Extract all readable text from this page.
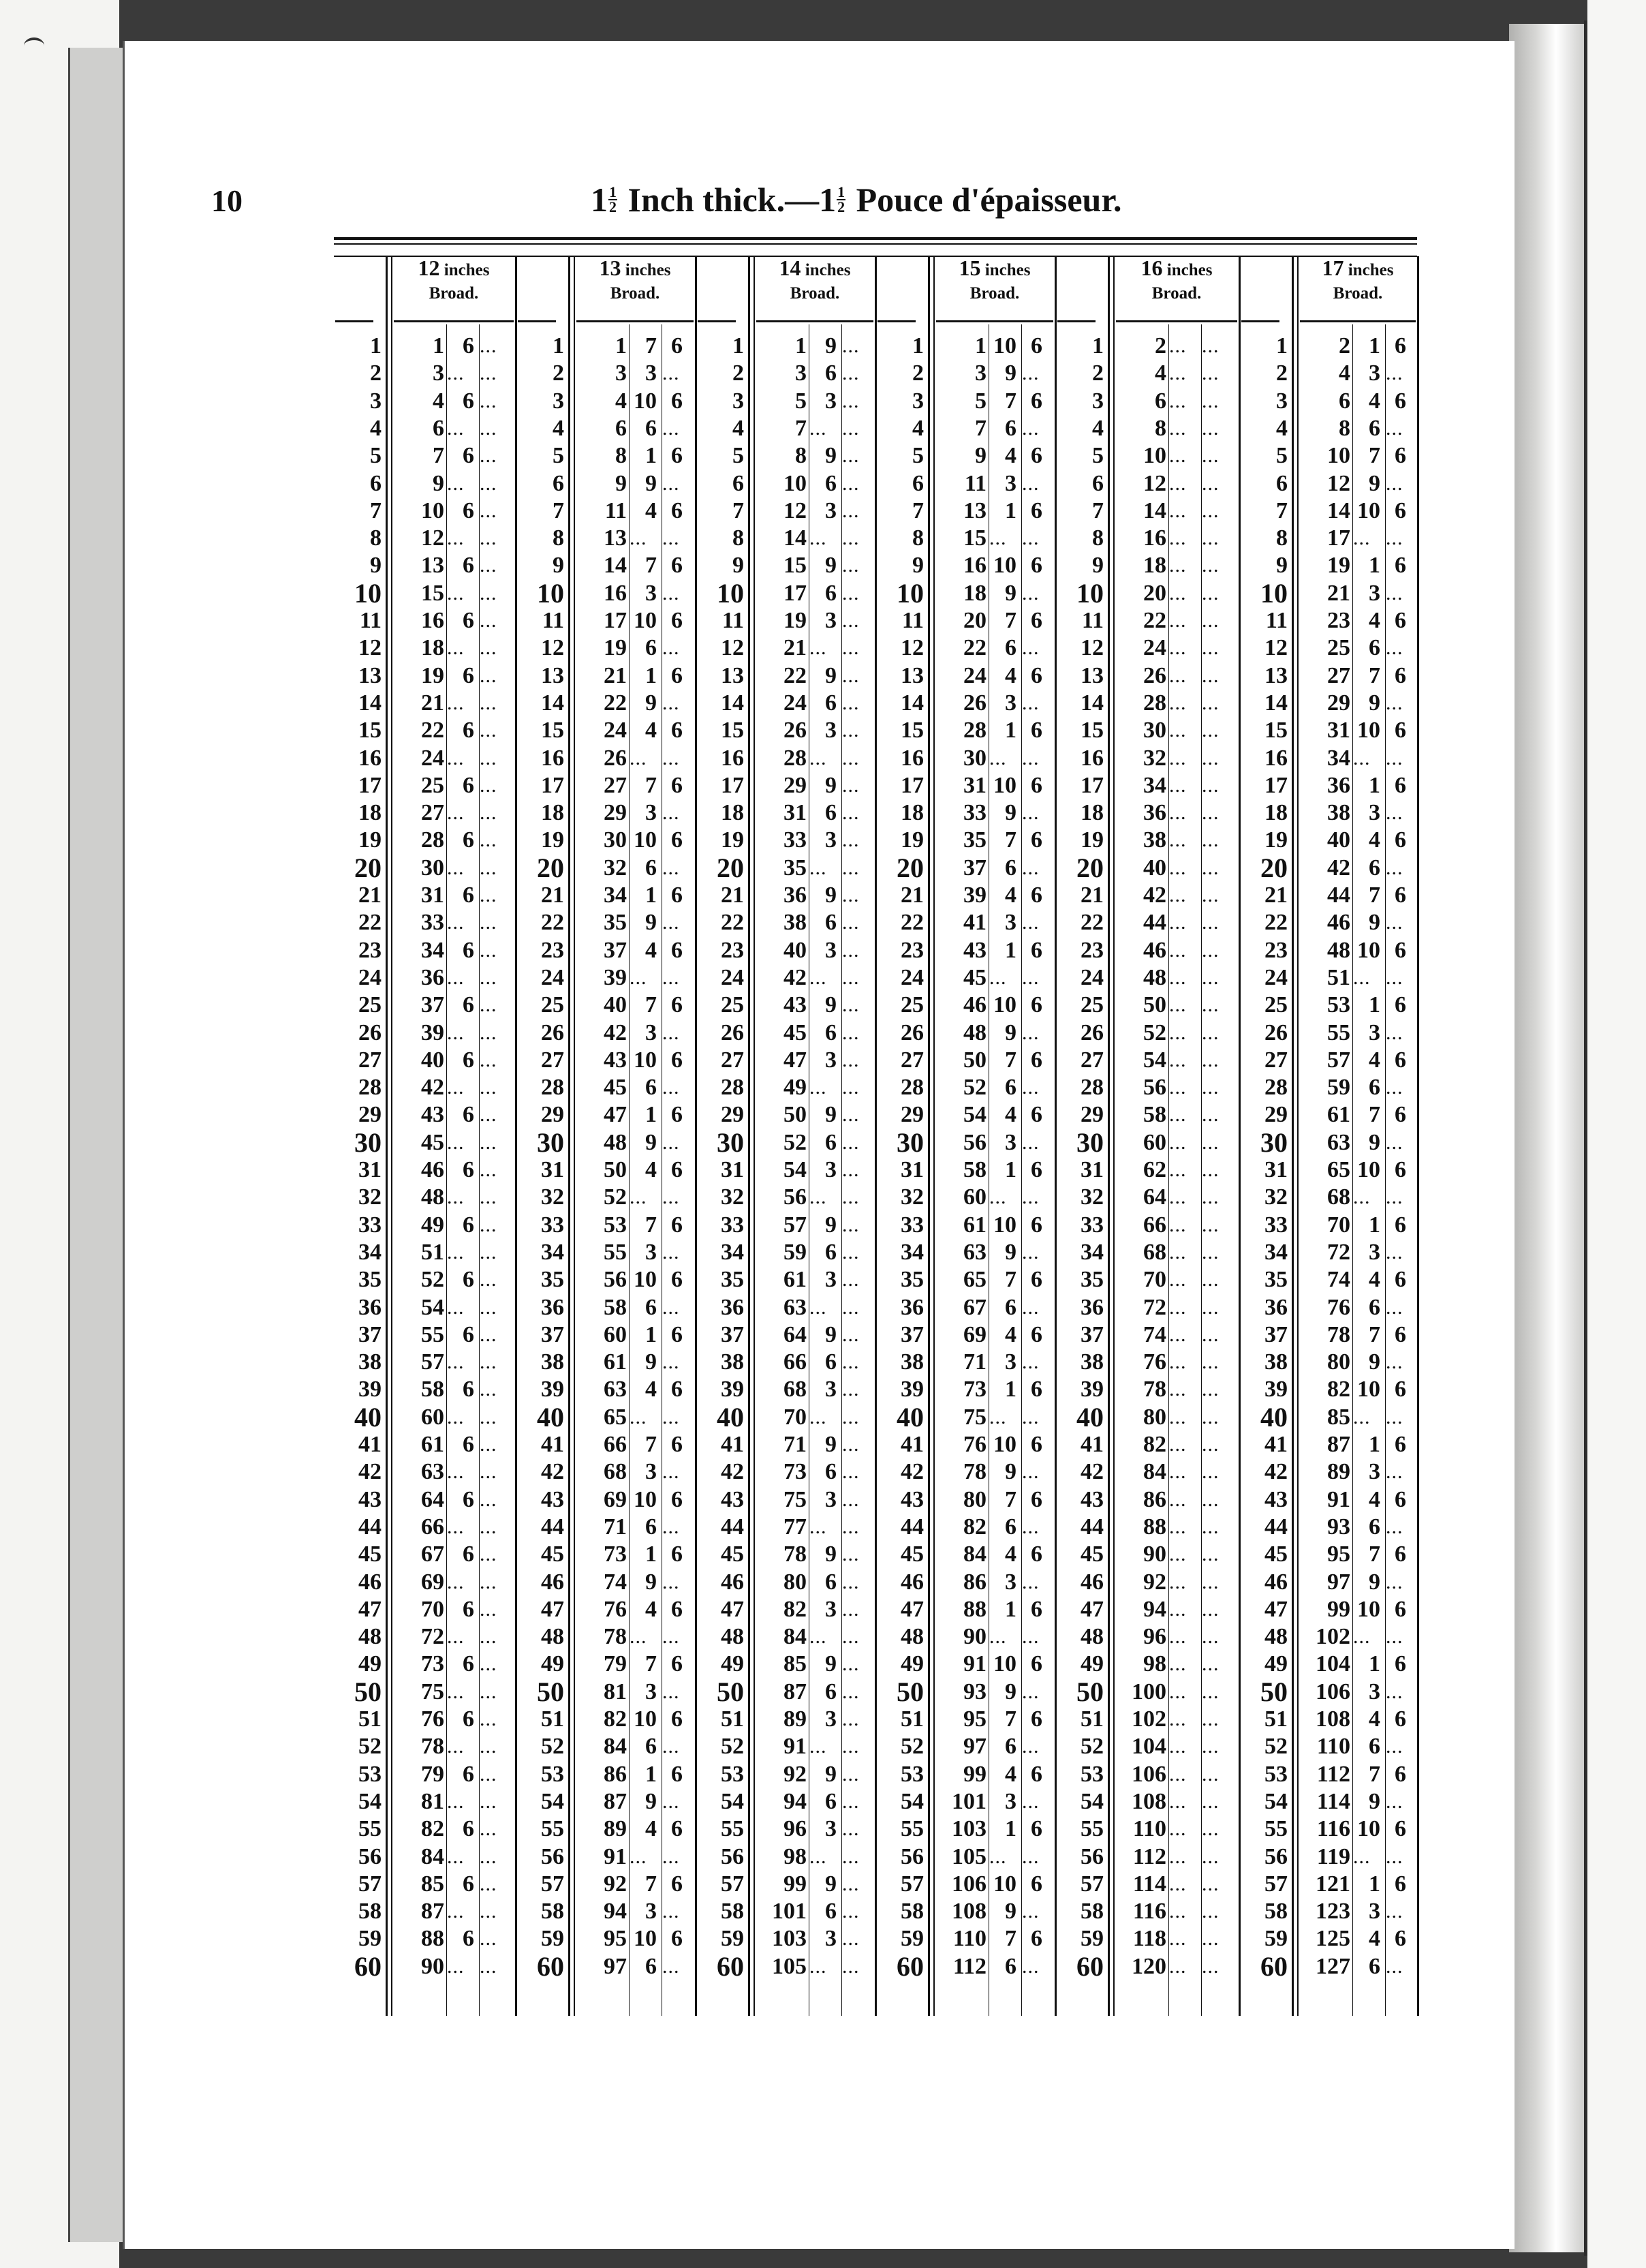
10	$1 \frac{1}{2}$ Inch thick.—1 $\frac{1}{2}$ Pouce d'épaisseur.
12 inches
Broad.
1	1 6 ...
2	3 ... ...
3	4 6 ...
4	6 ... ...
5	7 6 ...
6	9 ... ...
7	10 6 ...
8	12 ... ...
9	13 6 ...
10	15 ... ...
11	16 6 ...
12	18 ... ...
13	19 6 ...
14	21 ... ...
15	22 6 ...
16	24 ... ...
17	25 6 ...
18	27 ... ...
19	28 6 ...
20	30 ... ...
21	31 6 ...
22	33 ... ...
23	34 6 ...
24	36 ... ...
25	37 6 ...
26	39 ... ...
27	40 6 ...
28	42 ... ...
29	43 6 ...
30	45 ... ...
31	46 6 ...
32	48 ... ...
33	49 6 ...
34	51 ... ...
35	52 6 ...
36	54 ... ...
37	55 6 ...
38	57 ... ...
39	58 6 ...
40	60 ... ...
41	61 6 ...
42	63 ... ...
43	64 6 ...
44	66 ... ...
45	67 6 ...
46	69 ... ...
47	70 6 ...
48	72 ... ...
49	73 6 ...
50	75 ... ...
51	76 6 ...
52	78 ... ...
53	79 6 ...
54	81 ... ...
55	82 6 ...
56	84 ... ...
57	85 6 ...
58	87 ... ...
59	88 6 ...
60	90 ... ...
13 inches
Broad.
1	1 7 6
2	3 3 ...
3	4 10 6
4	6 6 ...
5	8 1 6
6	9 9 ...
7	11 4 6
8	13 ... ...
9	14 7 6
10	16 3 ...
11	17 10 6
12	19 6 ...
13	21 1 6
14	22 9 ...
15	24 4 6
16	26 ... ...
17	27 7 6
18	29 3 ...
19	30 10 6
20	32 6 ...
21	34 1 6
22	35 9 ...
23	37 4 6
24	39 ... ...
25	40 7 6
26	42 3 ...
27	43 10 6
28	45 6 ...
29	47 1 6
30	48 9 ...
31	50 4 6
32	52 ... ...
33	53 7 6
34	55 3 ...
35	56 10 6
36	58 6 ...
37	60 1 6
38	61 9 ...
39	63 4 6
40	65 ... ...
41	66 7 6
42	68 3 ...
43	69 10 6
44	71 6 ...
45	73 1 6
46	74 9 ...
47	76 4 6
48	78 ... ...
49	79 7 6
50	81 3 ...
51	82 10 6
52	84 6 ...
53	86 1 6
54	87 9 ...
55	89 4 6
56	91 ... ...
57	92 7 6
58	94 3 ...
59	95 10 6
60	97 6 ...
14 inches
Broad.
1	1 9 ...
2	3 6 ...
3	5 3 ...
4	7 ... ...
5	8 9 ...
6	10 6 ...
7	12 3 ...
8	14 ... ...
9	15 9 ...
10	17 6 ...
11	19 3 ...
12	21 ... ...
13	22 9 ...
14	24 6 ...
15	26 3 ...
16	28 ... ...
17	29 9 ...
18	31 6 ...
19	33 3 ...
20	35 ... ...
21	36 9 ...
22	38 6 ...
23	40 3 ...
24	42 ... ...
25	43 9 ...
26	45 6 ...
27	47 3 ...
28	49 ... ...
29	50 9 ...
30	52 6 ...
31	54 3 ...
32	56 ... ...
33	57 9 ...
34	59 6 ...
35	61 3 ...
36	63 ... ...
37	64 9 ...
38	66 6 ...
39	68 3 ...
40	70 ... ...
41	71 9 ...
42	73 6 ...
43	75 3 ...
44	77 ... ...
45	78 9 ...
46	80 6 ...
47	82 3 ...
48	84 ... ...
49	85 9 ...
50	87 6 ...
51	89 3 ...
52	91 ... ...
53	92 9 ...
54	94 6 ...
55	96 3 ...
56	98 ... ...
57	99 9 ...
58	101 6 ...
59	103 3 ...
60	105 ... ...
15 inches
Broad.
1	1 10 6
2	3 9 ...
3	5 7 6
4	7 6 ...
5	9 4 6
6	11 3 ...
7	13 1 6
8	15 ... ...
9	16 10 6
10	18 9 ...
11	20 7 6
12	22 6 ...
13	24 4 6
14	26 3 ...
15	28 1 6
16	30 ... ...
17	31 10 6
18	33 9 ...
19	35 7 6
20	37 6 ...
21	39 4 6
22	41 3 ...
23	43 1 6
24	45 ... ...
25	46 10 6
26	48 9 ...
27	50 7 6
28	52 6 ...
29	54 4 6
30	56 3 ...
31	58 1 6
32	60 ... ...
33	61 10 6
34	63 9 ...
35	65 7 6
36	67 6 ...
37	69 4 6
38	71 3 ...
39	73 1 6
40	75 ... ...
41	76 10 6
42	78 9 ...
43	80 7 6
44	82 6 ...
45	84 4 6
46	86 3 ...
47	88 1 6
48	90 ... ...
49	91 10 6
50	93 9 ...
51	95 7 6
52	97 6 ...
53	99 4 6
54	101 3 ...
55	103 1 6
56	105 ... ...
57	106 10 6
58	108 9 ...
59	110 7 6
60	112 6 ...
16 inches
Broad.
1	2 ... ...
2	4 ... ...
3	6 ... ...
4	8 ... ...
5	10 ... ...
6	12 ... ...
7	14 ... ...
8	16 ... ...
9	18 ... ...
10	20 ... ...
11	22 ... ...
12	24 ... ...
13	26 ... ...
14	28 ... ...
15	30 ... ...
16	32 ... ...
17	34 ... ...
18	36 ... ...
19	38 ... ...
20	40 ... ...
21	42 ... ...
22	44 ... ...
23	46 ... ...
24	48 ... ...
25	50 ... ...
26	52 ... ...
27	54 ... ...
28	56 ... ...
29	58 ... ...
30	60 ... ...
31	62 ... ...
32	64 ... ...
33	66 ... ...
34	68 ... ...
35	70 ... ...
36	72 ... ...
37	74 ... ...
38	76 ... ...
39	78 ... ...
40	80 ... ...
41	82 ... ...
42	84 ... ...
43	86 ... ...
44	88 ... ...
45	90 ... ...
46	92 ... ...
47	94 ... ...
48	96 ... ...
49	98 ... ...
50	100 ... ...
51	102 ... ...
52	104 ... ...
53	106 ... ...
54	108 ... ...
55	110 ... ...
56	112 ... ...
57	114 ... ...
58	116 ... ...
59	118 ... ...
60	120 ... ...
17 inches
Broad.
1	2 1 6
2	4 3 ...
3	6 4 6
4	8 6 ...
5	10 7 6
6	12 9 ...
7	14 10 6
8	17 ... ...
9	19 1 6
10	21 3 ...
11	23 4 6
12	25 6 ...
13	27 7 6
14	29 9 ...
15	31 10 6
16	34 ... ...
17	36 1 6
18	38 3 ...
19	40 4 6
20	42 6 ...
21	44 7 6
22	46 9 ...
23	48 10 6
24	51 ... ...
25	53 1 6
26	55 3 ...
27	57 4 6
28	59 6 ...
29	61 7 6
30	63 9 ...
31	65 10 6
32	68 ... ...
33	70 1 6
34	72 3 ...
35	74 4 6
36	76 6 ...
37	78 7 6
38	80 9 ...
39	82 10 6
40	85 ... ...
41	87 1 6
42	89 3 ...
43	91 4 6
44	93 6 ...
45	95 7 6
46	97 9 ...
47	99 10 6
48	102 ... ...
49	104 1 6
50	106 3 ...
51	108 4 6
52	110 6 ...
53	112 7 6
54	114 9 ...
55	116 10 6
56	119 ... ...
57	121 1 6
58	123 3 ...
59	125 4 6
60	127 6 ...
